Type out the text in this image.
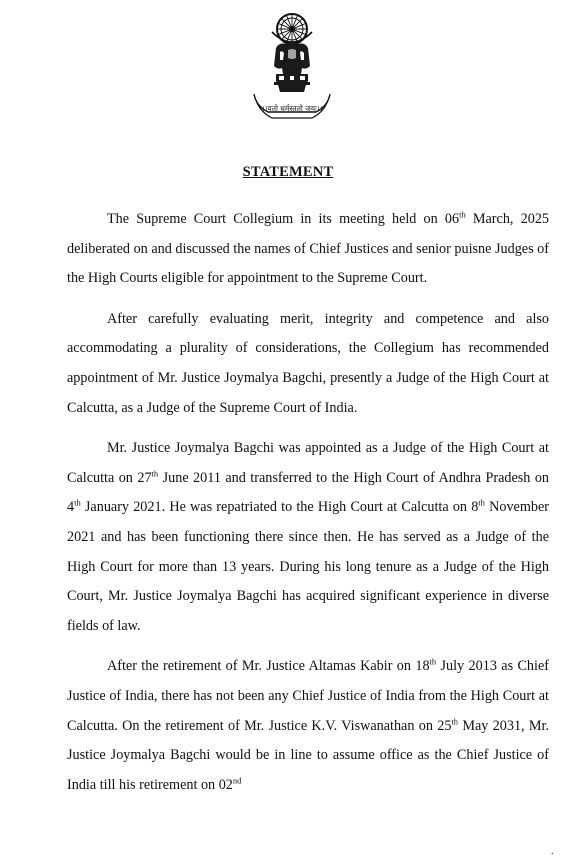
।।यतो धर्मस्ततो जयः।।
STATEMENT

The Supreme Court Collegium in its meeting held on 06th March, 2025 deliberated on and discussed the names of Chief Justices and senior puisne Judges of the High Courts eligible for appointment to the Supreme Court.

After carefully evaluating merit, integrity and competence and also accommodating a plurality of considerations, the Collegium has recommended appointment of Mr. Justice Joymalya Bagchi, presently a Judge of the High Court at Calcutta, as a Judge of the Supreme Court of India.

Mr. Justice Joymalya Bagchi was appointed as a Judge of the High Court at Calcutta on 27th June 2011 and transferred to the High Court of Andhra Pradesh on 4th January 2021. He was repatriated to the High Court at Calcutta on 8th November 2021 and has been functioning there since then. He has served as a Judge of the High Court for more than 13 years. During his long tenure as a Judge of the High Court, Mr. Justice Joymalya Bagchi has acquired significant experience in diverse fields of law.

After the retirement of Mr. Justice Altamas Kabir on 18th July 2013 as Chief Justice of India, there has not been any Chief Justice of India from the High Court at Calcutta. On the retirement of Mr. Justice K.V. Viswanathan on 25th May 2031, Mr. Justice Joymalya Bagchi would be in line to assume office as the Chief Justice of India till his retirement on 02nd

.
